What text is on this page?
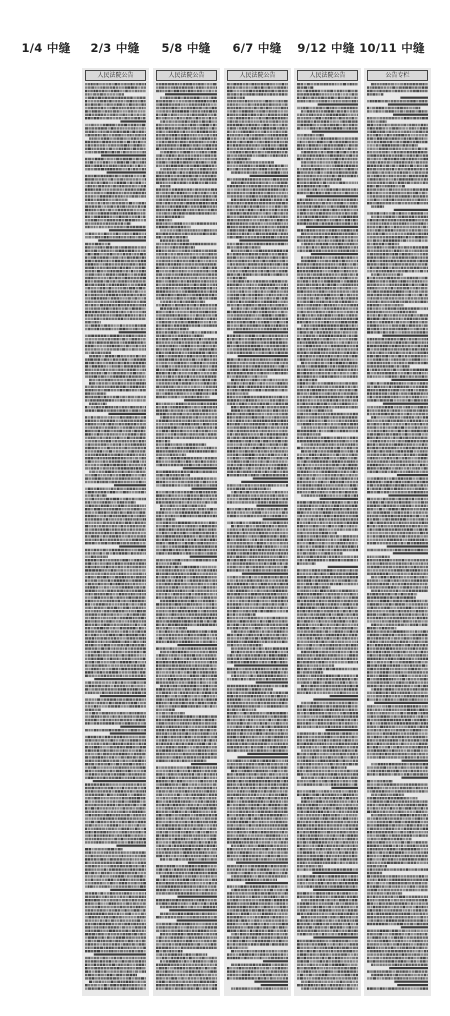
1/4 中缝	2/3 中缝	5/8 中缝	6/7 中缝	9/12 中缝 10/11 中缝
人民法院公告	人民法院公告	人民法院公告	人民法院公告	公告专栏
